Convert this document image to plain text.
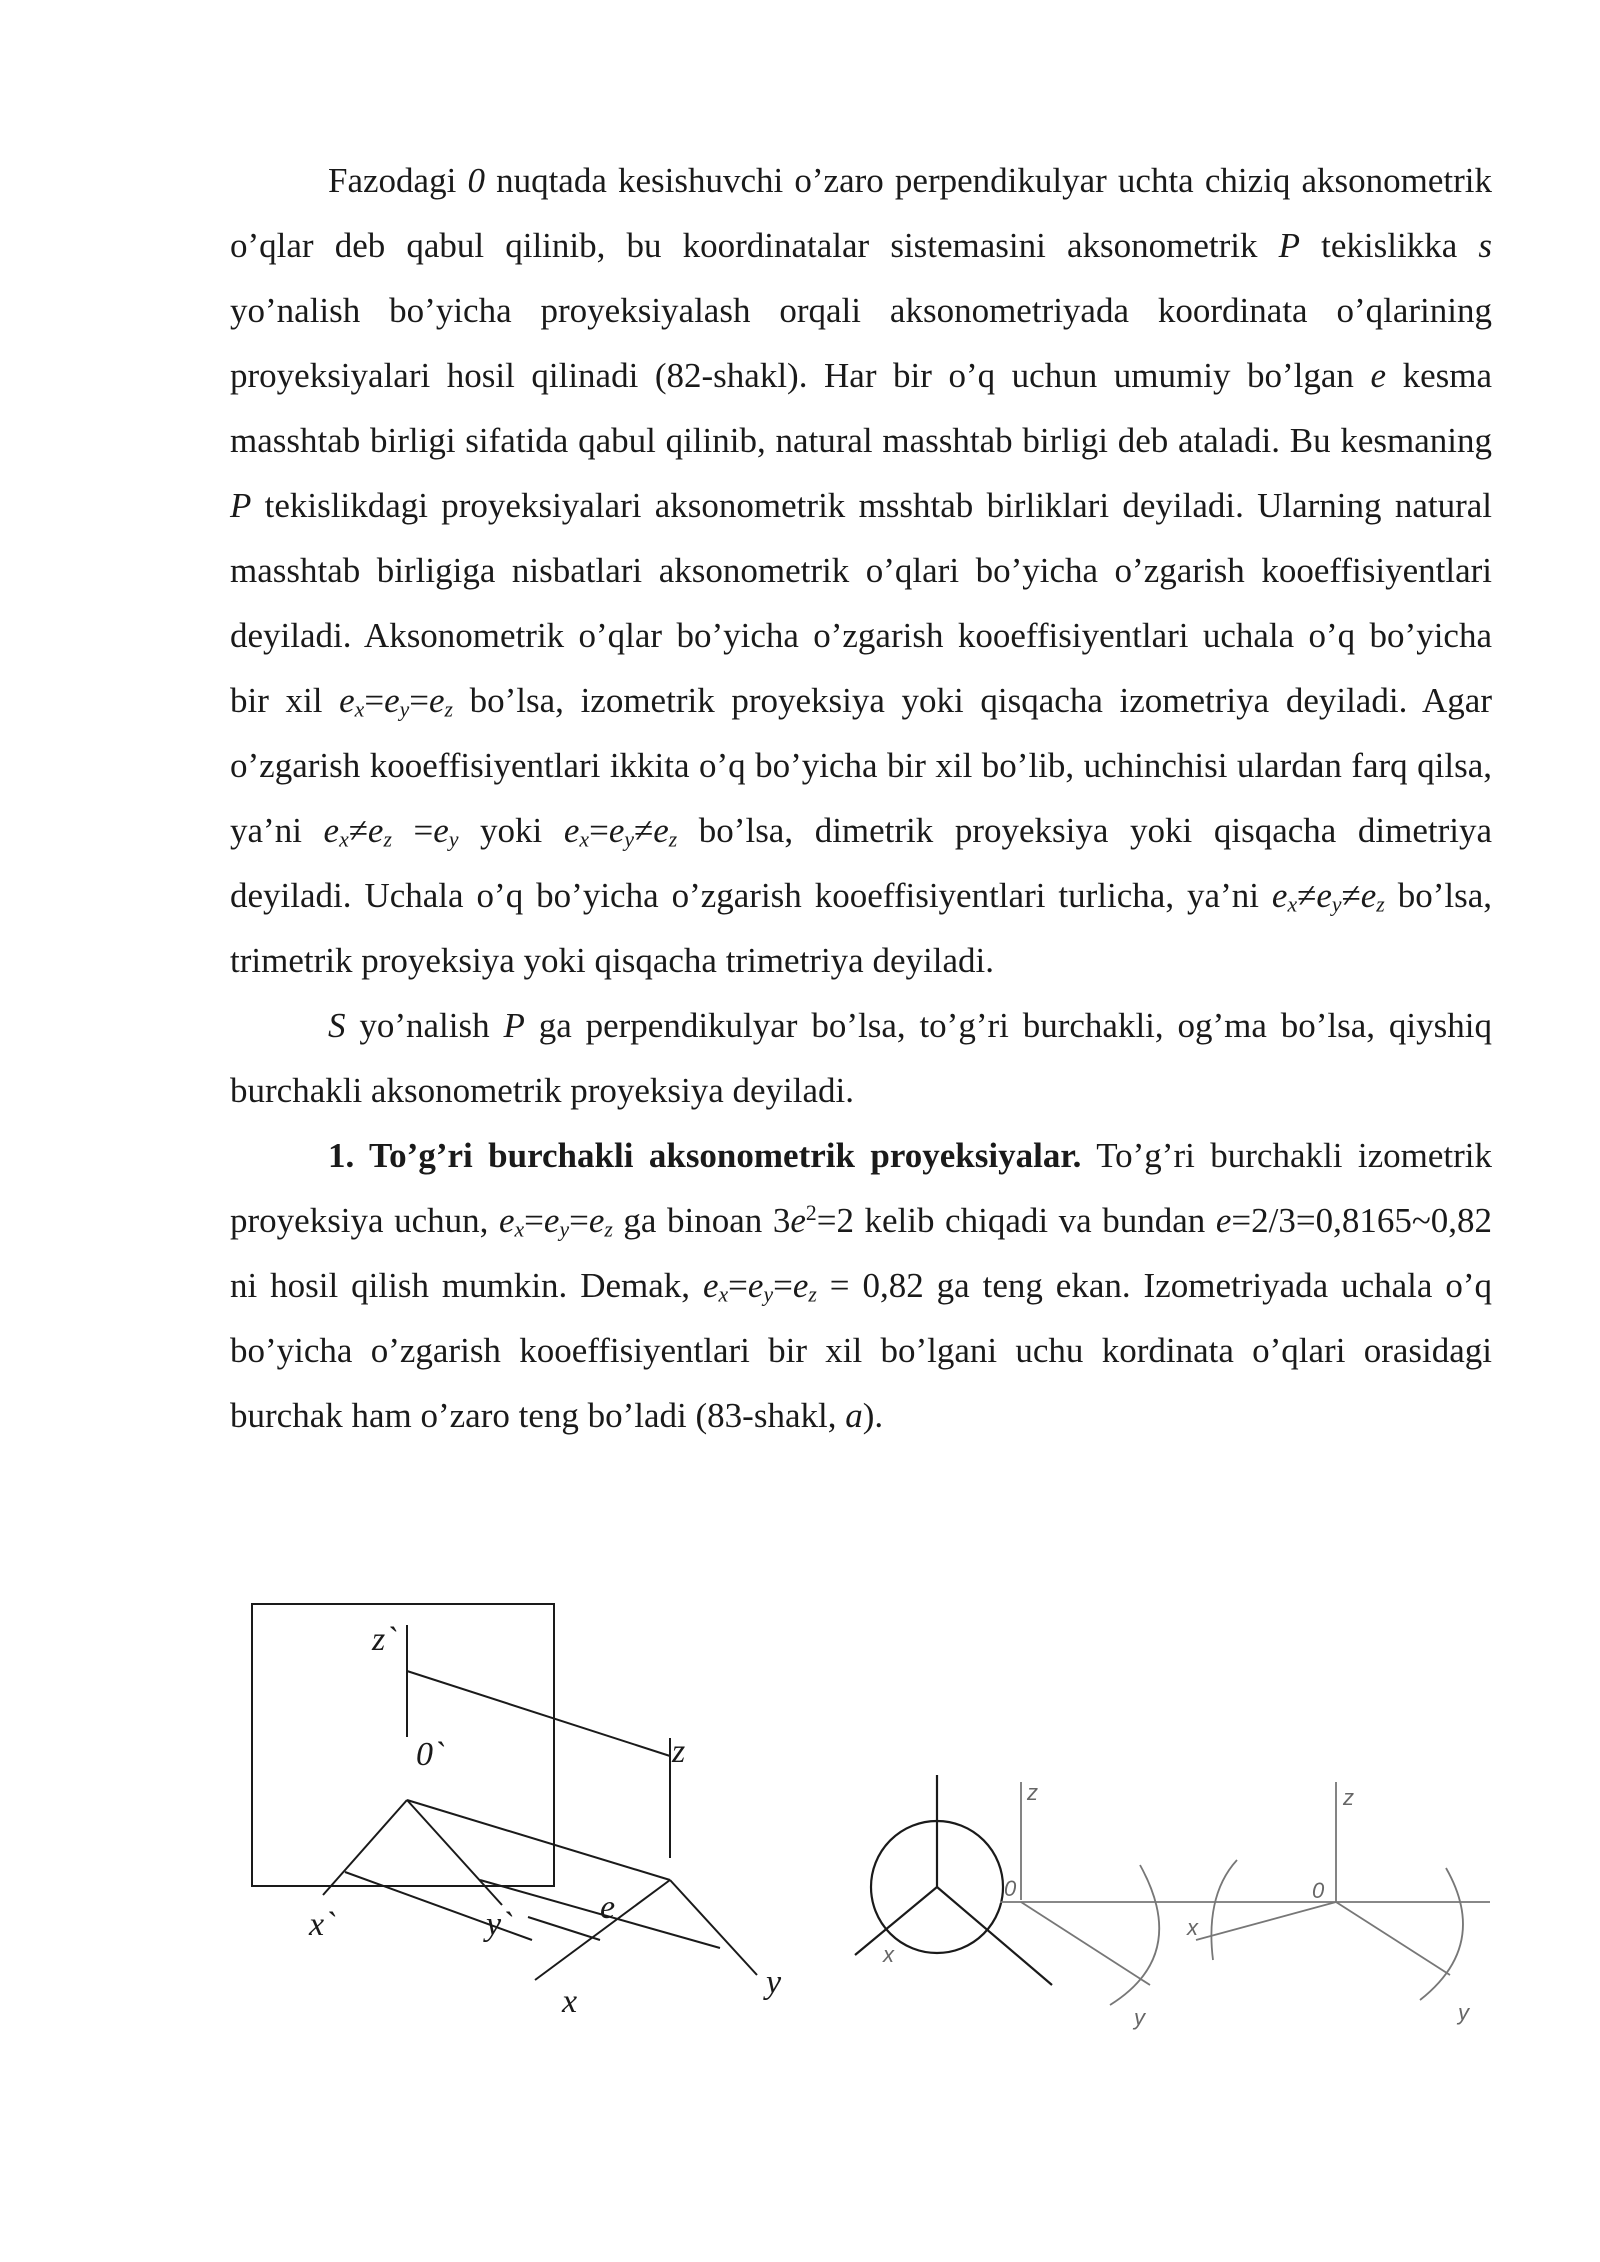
Fazodagi 0 nuqtada kesishuvchi o’zaro perpendikulyar uchta chiziq aksonometrik o’qlar deb qabul qilinib, bu koordinatalar sistemasini aksonometrik P tekislikka s yo’nalish bo’yicha proyeksiyalash orqali aksonometriyada koordinata o’qlarining proyeksiyalari hosil qilinadi (82-shakl). Har bir o’q uchun umumiy bo’lgan e kesma masshtab birligi sifatida qabul qilinib, natural masshtab birligi deb ataladi. Bu kesmaning P tekislikdagi proyeksiyalari aksonometrik msshtab birliklari deyiladi. Ularning natural masshtab birligiga nisbatlari aksonometrik o’qlari bo’yicha o’zgarish kooeffisiyentlari deyiladi. Aksonometrik o’qlar bo’yicha o’zgarish kooeffisiyentlari uchala o’q bo’yicha bir xil $e_x=e_y=e_z$ bo’lsa, izometrik proyeksiya yoki qisqacha izometriya deyiladi. Agar o’zgarish kooeffisiyentlari ikkita o’q bo’yicha bir xil bo’lib, uchinchisi ulardan farq qilsa, ya’ni $e_x\ne e_z =e_y$ yoki $e_x=e_y\ne e_z$ bo’lsa, dimetrik proyeksiya yoki qisqacha dimetriya deyiladi. Uchala o’q bo’yicha o’zgarish kooeffisiyentlari turlicha, ya’ni $e_x\ne e_y\ne e_z$ bo’lsa, trimetrik proyeksiya yoki qisqacha trimetriya deyiladi.

S yo’nalish P ga perpendikulyar bo’lsa, to’g’ri burchakli, og’ma bo’lsa, qiyshiq burchakli aksonometrik proyeksiya deyiladi.

1. To’g’ri burchakli aksonometrik proyeksiyalar. To’g’ri burchakli izometrik proyeksiya uchun, $e_x=e_y=e_z$ ga binoan $3e^2=2$ kelib chiqadi va bundan e=2/3=0,8165~0,82 ni hosil qilish mumkin. Demak, $e_x=e_y=e_z = 0,82$ ga teng ekan. Izometriyada uchala o’q bo’yicha o’zgarish kooeffisiyentlari bir xil bo’lgani uchu kordinata o’qlari orasidagi burchak ham o’zaro teng bo’ladi (83-shakl, a).

z`
0`	z
e
x`	y`
x
y
x
z
0
y
z
0
x
y
